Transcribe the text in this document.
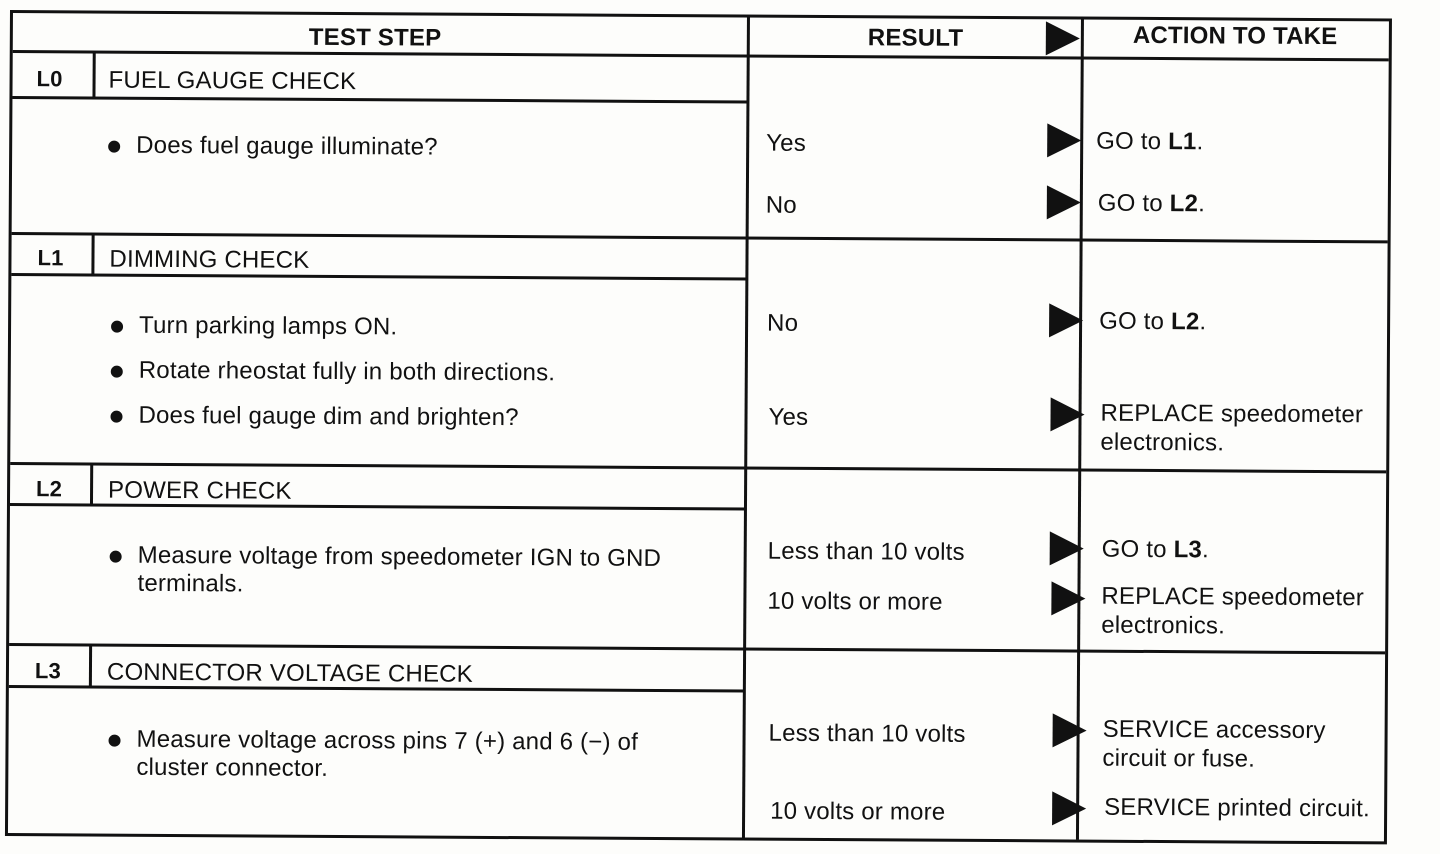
TEST STEP	RESULT	ACTION TO TAKE
L0 FUEL GAUGE CHECK
Does fuel gauge illuminate?	Yes	GO to L1.
No	GO to L2.
L1 DIMMING CHECK
Turn parking lamps ON.
Rotate rheostat fully in both directions.
Does fuel gauge dim and brighten?
No	GO to L2.
Yes	REPLACE speedometer
electronics.
L2 POWER CHECK
Measure voltage from speedometer IGN to GND
terminals.
Less than 10 volts	GO to L3.
10 volts or more	REPLACE speedometer
electronics.
L3 CONNECTOR VOLTAGE CHECK
Measure voltage across pins 7 (+) and 6 (−) of
cluster connector.
Less than 10 volts	SERVICE accessory
circuit or fuse.
10 volts or more	SERVICE printed circuit.
